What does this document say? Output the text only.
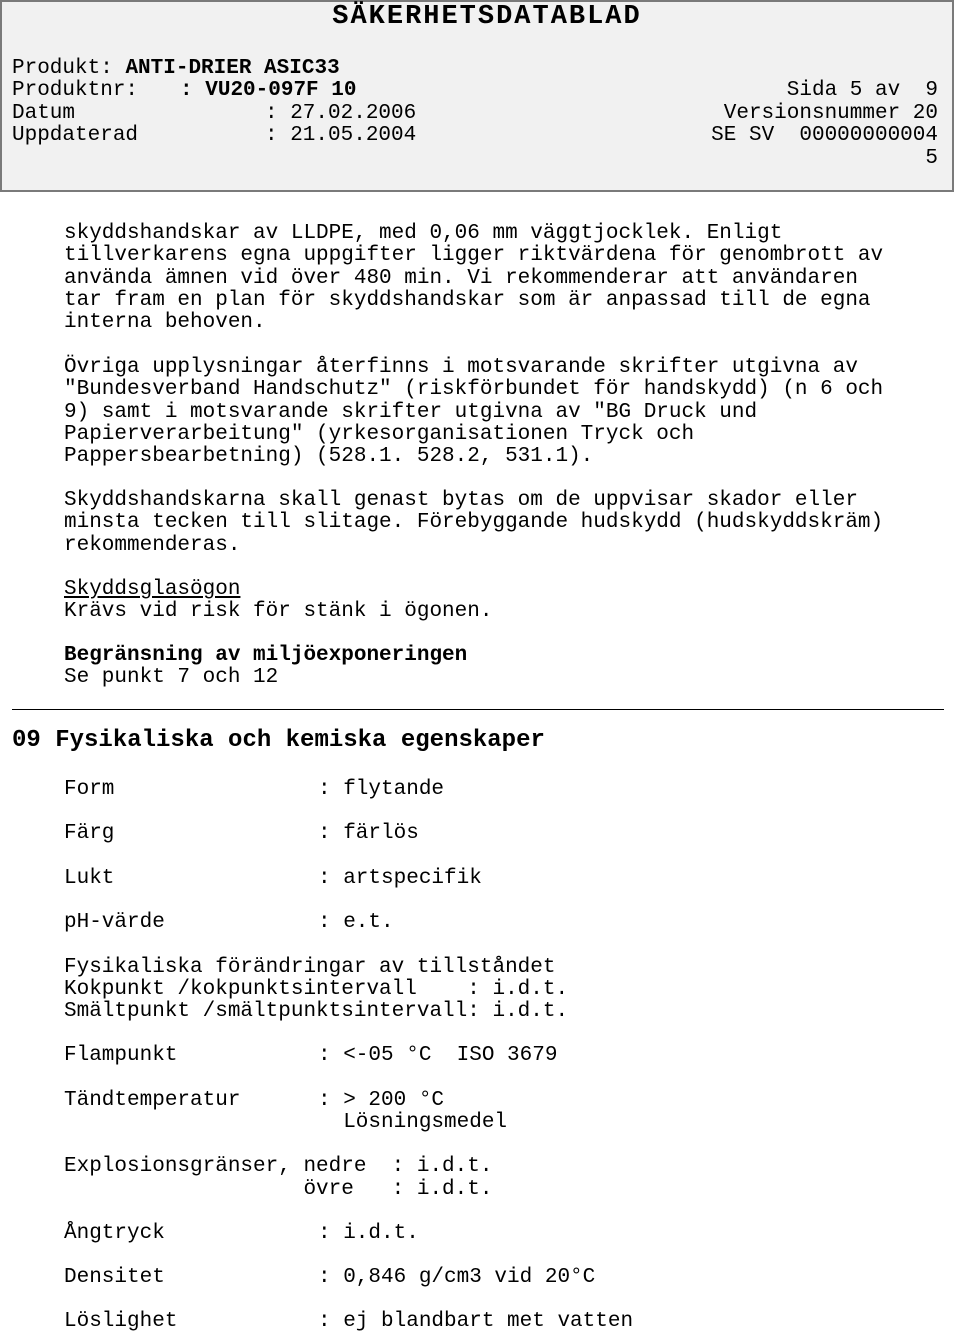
SÄKERHETSDATABLAD
Produkt: ANTI-DRIER ASIC33
Produktnr: : VU20-097F 10
Datum	: 27.02.2006
Uppdaterad	: 21.05.2004
Sida 5 av  9
Versionsnummer 20
SE SV  00000000004
5
skyddshandskar av LLDPE, med 0,06 mm väggtjocklek. Enligt
tillverkarens egna uppgifter ligger riktvärdena för genombrott av
använda ämnen vid över 480 min. Vi rekommenderar att användaren
tar fram en plan för skyddshandskar som är anpassad till de egna
interna behoven.
Övriga upplysningar återfinns i motsvarande skrifter utgivna av
"Bundesverband Handschutz" (riskförbundet för handskydd) (n 6 och
9) samt i motsvarande skrifter utgivna av "BG Druck und
Papierverarbeitung" (yrkesorganisationen Tryck och
Pappersbearbetning) (528.1. 528.2, 531.1).
Skyddshandskarna skall genast bytas om de uppvisar skador eller
minsta tecken till slitage. Förebyggande hudskydd (hudskyddskräm)
rekommenderas.
Skyddsglasögon
Krävs vid risk för stänk i ögonen.
Begränsning av miljöexponeringen
Se punkt 7 och 12
09 Fysikaliska och kemiska egenskaper
Form	: flytande
Färg	: färlös
Lukt	: artspecifik
pH-värde	: e.t.
Fysikaliska förändringar av tillståndet
Kokpunkt /kokpunktsintervall    : i.d.t.
Smältpunkt /smältpunktsintervall: i.d.t.
Flampunkt	: <-05 °C  ISO 3679
Tändtemperatur	: > 200 °C
Lösningsmedel
Explosionsgränser, nedre  : i.d.t.
övre   : i.d.t.
Ångtryck	: i.d.t.
Densitet	: 0,846 g/cm3 vid 20°C
Löslighet	: ej blandbart met vatten
